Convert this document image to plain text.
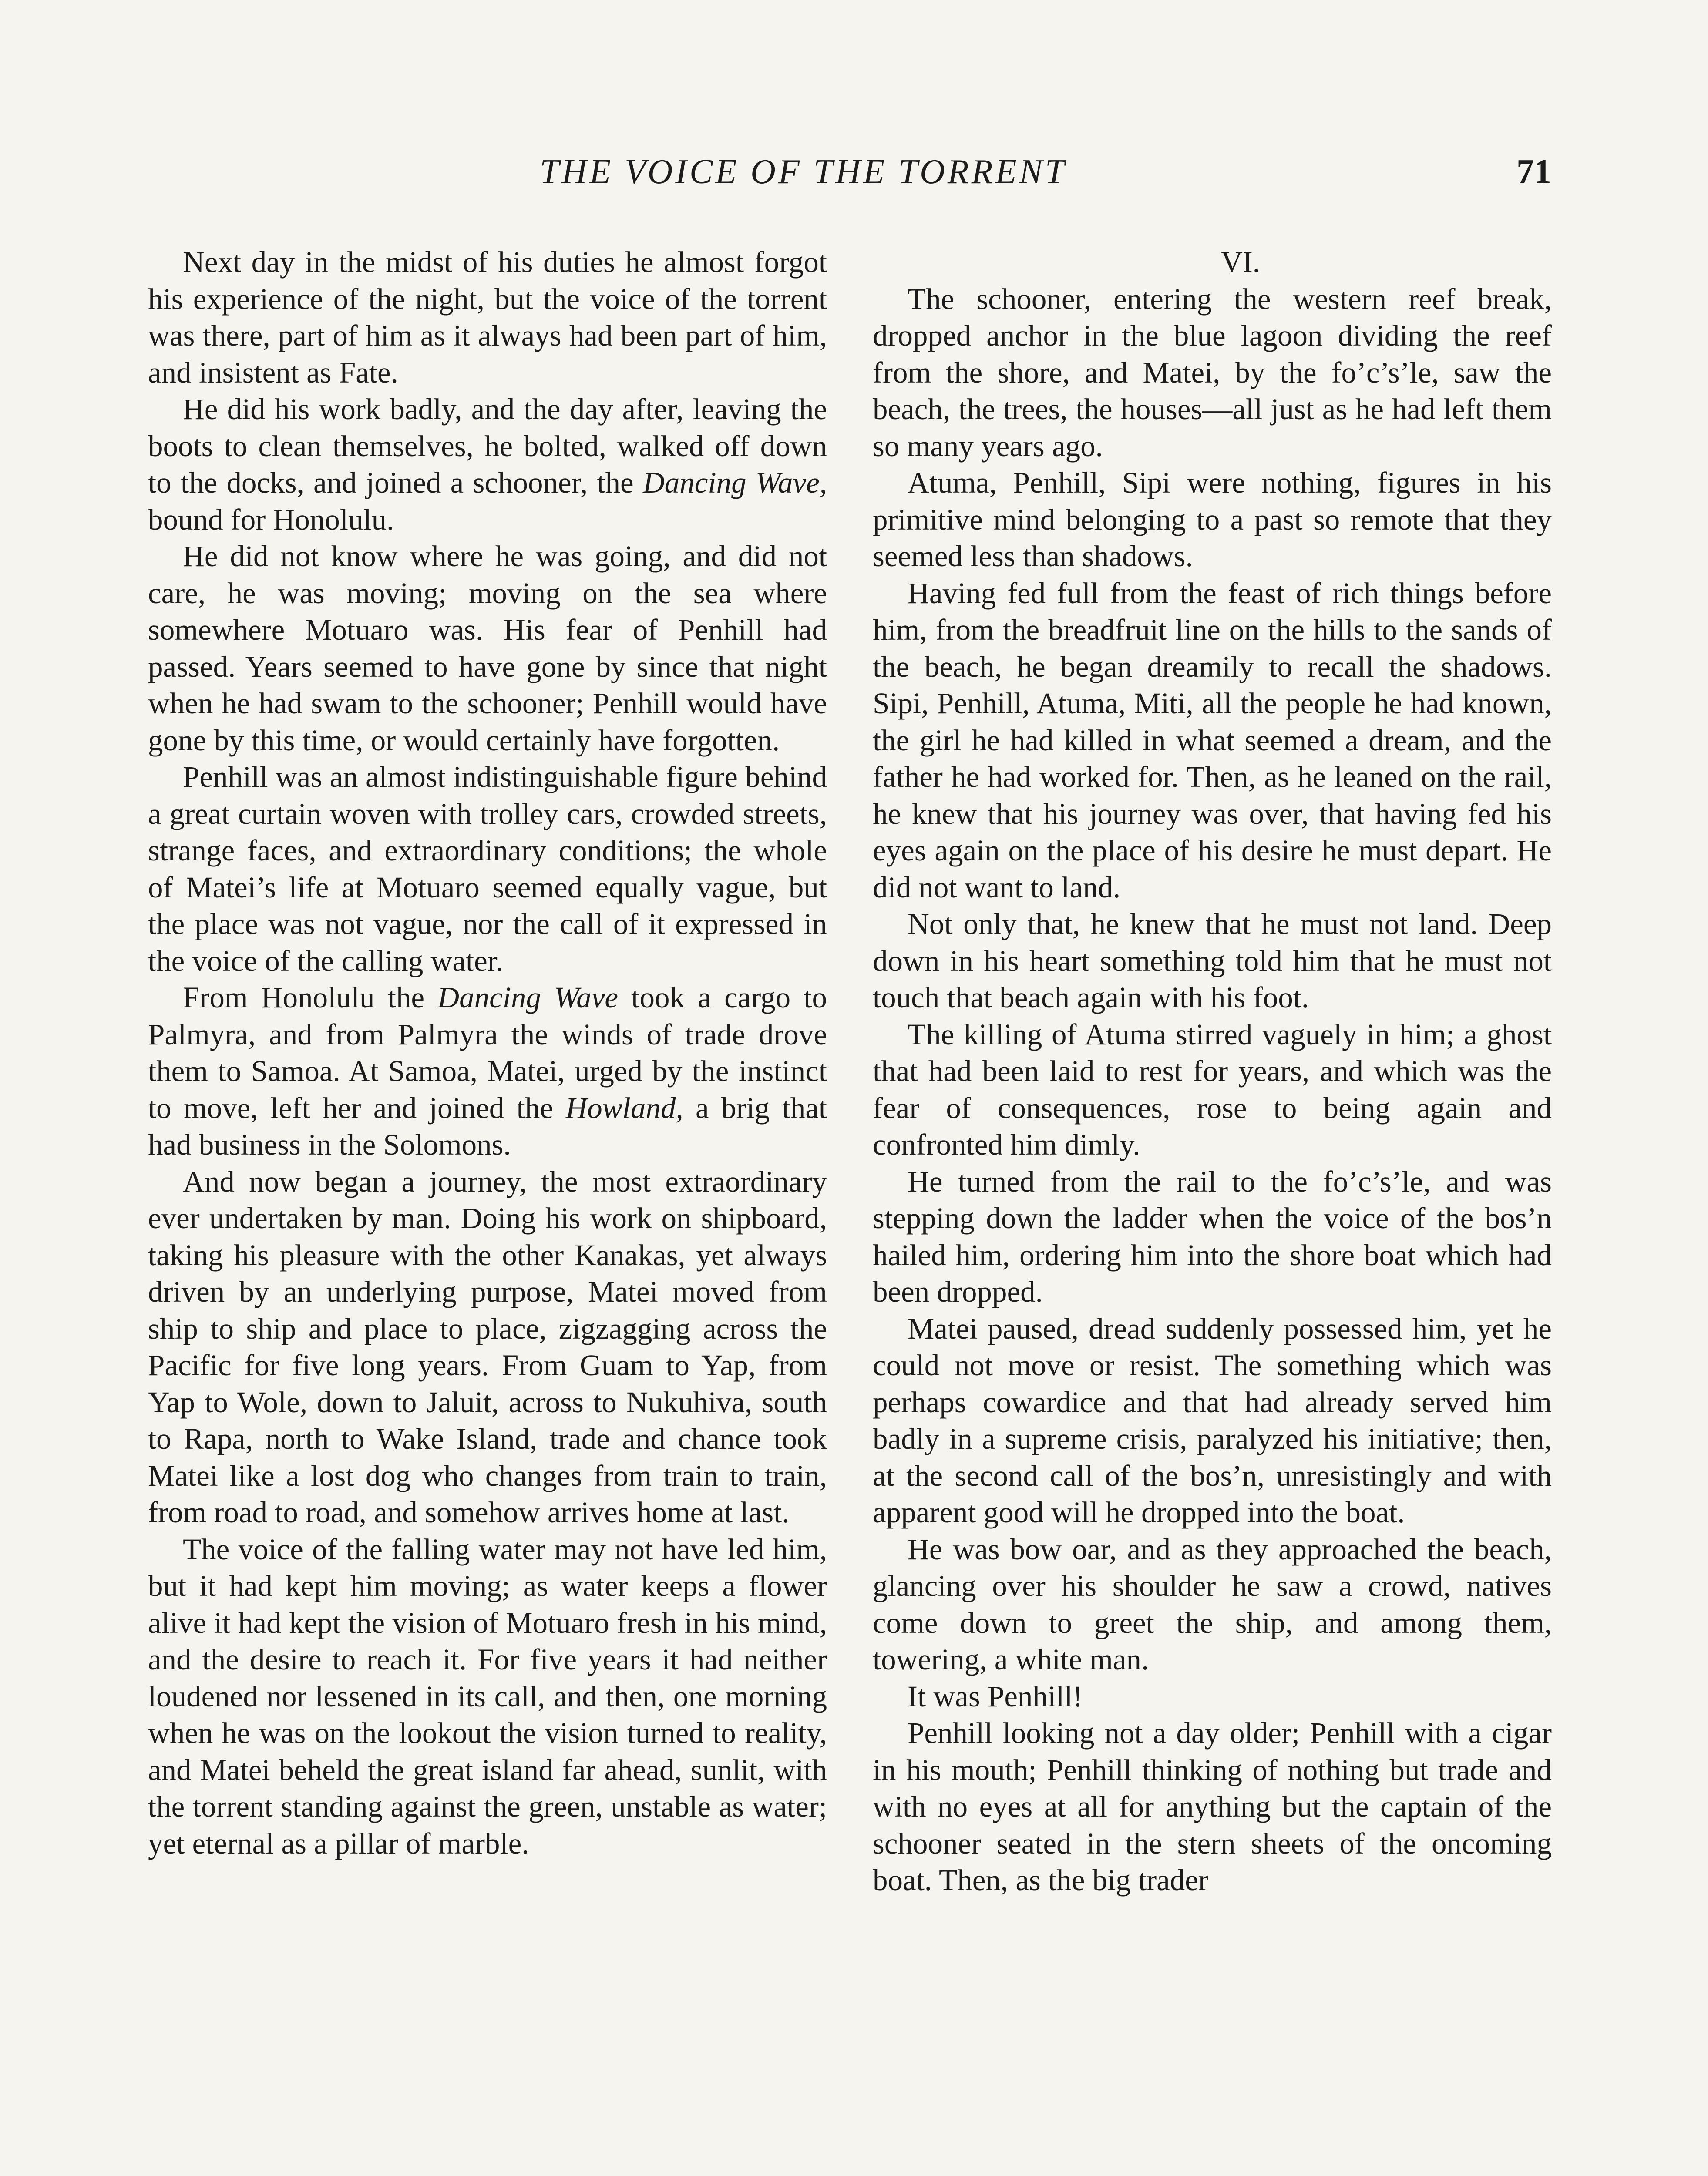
THE VOICE OF THE TORRENT	71

Next day in the midst of his duties he almost forgot his experience of the night, but the voice of the torrent was there, part of him as it always had been part of him, and insistent as Fate.

He did his work badly, and the day after, leaving the boots to clean themselves, he bolted, walked off down to the docks, and joined a schooner, the Dancing Wave, bound for Honolulu.

He did not know where he was going, and did not care, he was moving; moving on the sea where somewhere Motuaro was. His fear of Penhill had passed. Years seemed to have gone by since that night when he had swam to the schooner; Penhill would have gone by this time, or would certainly have forgotten.

Penhill was an almost indistinguishable figure behind a great curtain woven with trolley cars, crowded streets, strange faces, and extraordinary conditions; the whole of Matei’s life at Motuaro seemed equally vague, but the place was not vague, nor the call of it expressed in the voice of the calling water.

From Honolulu the Dancing Wave took a cargo to Palmyra, and from Palmyra the winds of trade drove them to Samoa. At Samoa, Matei, urged by the instinct to move, left her and joined the Howland, a brig that had business in the Solomons.

And now began a journey, the most extraordinary ever undertaken by man. Doing his work on shipboard, taking his pleasure with the other Kanakas, yet always driven by an underlying purpose, Matei moved from ship to ship and place to place, zigzagging across the Pacific for five long years. From Guam to Yap, from Yap to Wole, down to Jaluit, across to Nukuhiva, south to Rapa, north to Wake Island, trade and chance took Matei like a lost dog who changes from train to train, from road to road, and somehow arrives home at last.

The voice of the falling water may not have led him, but it had kept him moving; as water keeps a flower alive it had kept the vision of Motuaro fresh in his mind, and the desire to reach it. For five years it had neither loudened nor lessened in its call, and then, one morning when he was on the lookout the vision turned to reality, and Matei beheld the great island far ahead, sunlit, with the torrent standing against the green, unstable as water; yet eternal as a pillar of marble.

VI.

The schooner, entering the western reef break, dropped anchor in the blue lagoon dividing the reef from the shore, and Matei, by the fo’c’s’le, saw the beach, the trees, the houses—all just as he had left them so many years ago.

Atuma, Penhill, Sipi were nothing, figures in his primitive mind belonging to a past so remote that they seemed less than shadows.

Having fed full from the feast of rich things before him, from the breadfruit line on the hills to the sands of the beach, he began dreamily to recall the shadows. Sipi, Penhill, Atuma, Miti, all the people he had known, the girl he had killed in what seemed a dream, and the father he had worked for. Then, as he leaned on the rail, he knew that his journey was over, that having fed his eyes again on the place of his desire he must depart. He did not want to land.

Not only that, he knew that he must not land. Deep down in his heart something told him that he must not touch that beach again with his foot.

The killing of Atuma stirred vaguely in him; a ghost that had been laid to rest for years, and which was the fear of consequences, rose to being again and confronted him dimly.

He turned from the rail to the fo’c’s’le, and was stepping down the ladder when the voice of the bos’n hailed him, ordering him into the shore boat which had been dropped.

Matei paused, dread suddenly possessed him, yet he could not move or resist. The something which was perhaps cowardice and that had already served him badly in a supreme crisis, paralyzed his initiative; then, at the second call of the bos’n, unresistingly and with apparent good will he dropped into the boat.

He was bow oar, and as they approached the beach, glancing over his shoulder he saw a crowd, natives come down to greet the ship, and among them, towering, a white man.

It was Penhill!

Penhill looking not a day older; Penhill with a cigar in his mouth; Penhill thinking of nothing but trade and with no eyes at all for anything but the captain of the schooner seated in the stern sheets of the oncoming boat. Then, as the big trader
